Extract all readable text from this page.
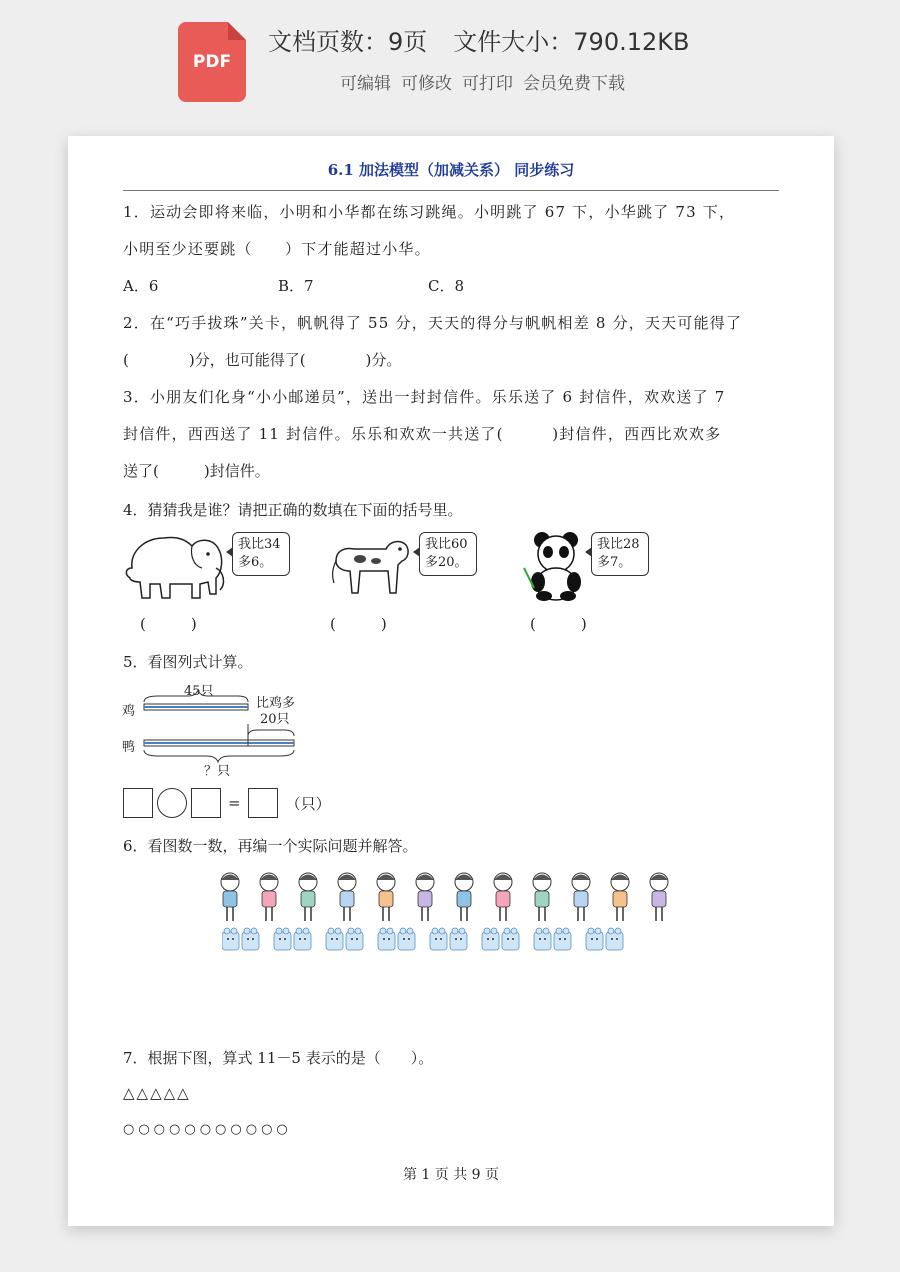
PDF
文档页数：9页 文件大小：790.12KB
可编辑 可修改 可打印 会员免费下载
6.1 加法模型（加减关系） 同步练习
1．运动会即将来临，小明和小华都在练习跳绳。小明跳了 67 下，小华跳了 73 下，
小明至少还要跳（　　）下才能超过小华。
A．6	B．7	C．8
2．在“巧手拔珠”关卡，帆帆得了 55 分，天天的得分与帆帆相差 8 分，天天可能得了
(　　　　)分，也可能得了(　　　　)分。
3．小朋友们化身“小小邮递员”，送出一封封信件。乐乐送了 6 封信件，欢欢送了 7
封信件，西西送了 11 封信件。乐乐和欢欢一共送了(　　　)封信件，西西比欢欢多
送了(　　　)封信件。
4．猜猜我是谁？请把正确的数填在下面的括号里。
我比34
多6。
我比60
多20。
我比28
多7。
(　　　)	(　　　)	(　　　)
5．看图列式计算。
鸡
鸭
45只
比鸡多
20只
？只
=	（只）
6．看图数一数，再编一个实际问题并解答。
7．根据下图，算式 11－5 表示的是（　　）。
△△△△△
○○○○○○○○○○○
第 1 页 共 9 页
